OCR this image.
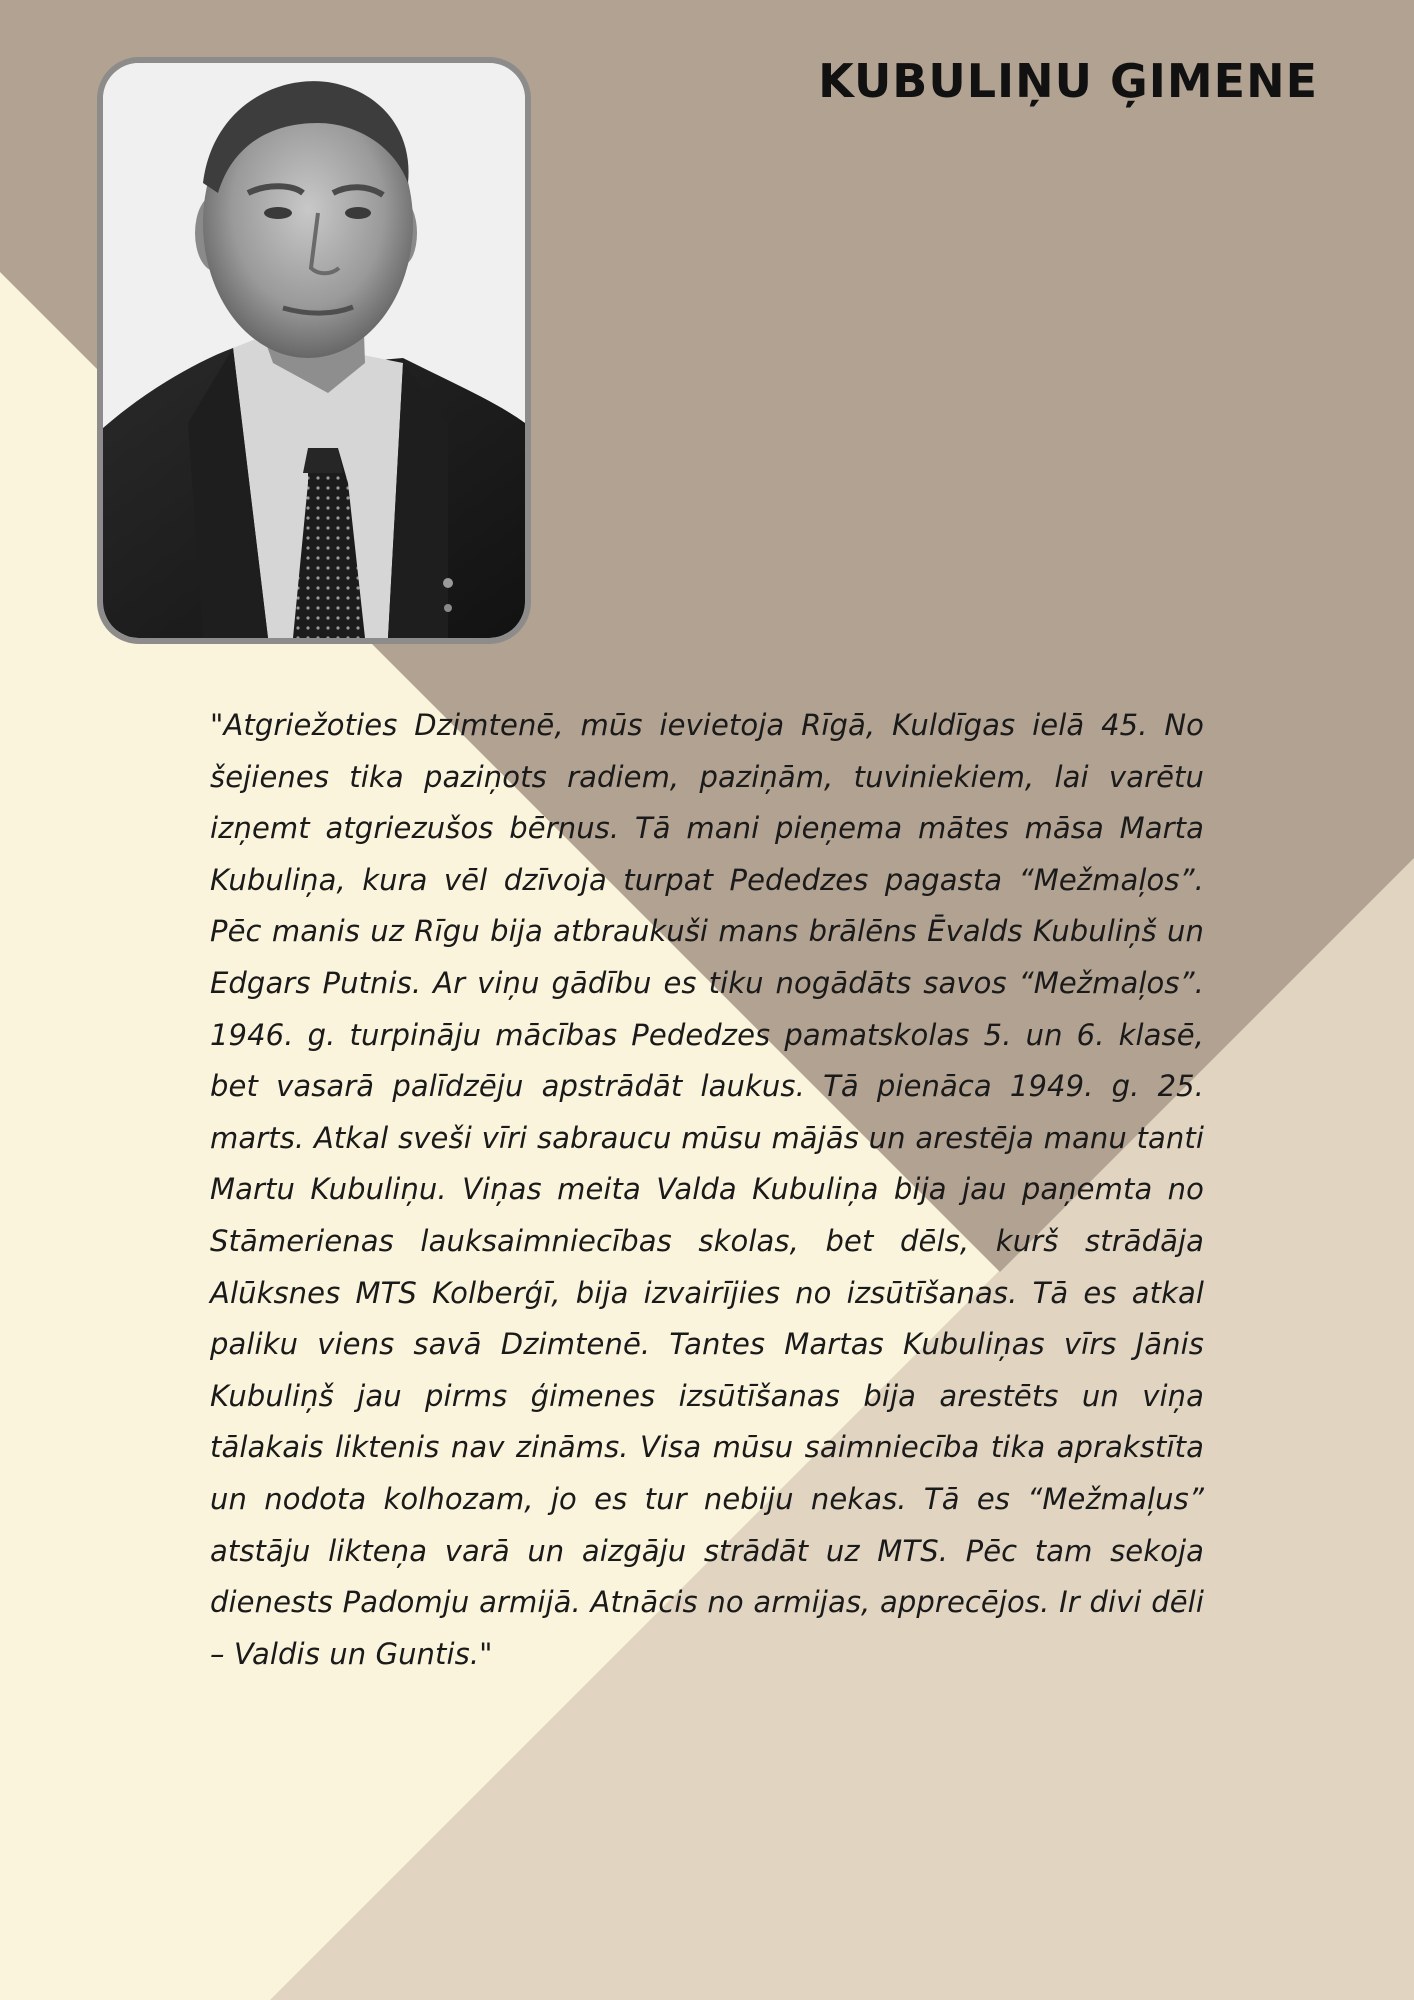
KUBULIŅU ĢIMENE

"Atgriežoties Dzimtenē, mūs ievietoja Rīgā, Kuldīgas ielā 45. No šejienes tika paziņots radiem, paziņām, tuviniekiem, lai varētu izņemt atgriezušos bērnus. Tā mani pieņema mātes māsa Marta Kubuliņa, kura vēl dzīvoja turpat Pededzes pagasta “Mežmaļos”. Pēc manis uz Rīgu bija atbraukuši mans brālēns Ēvalds Kubuliņš un Edgars Putnis. Ar viņu gādību es tiku nogādāts savos “Mežmaļos”. 1946. g. turpināju mācības Pededzes pamatskolas 5. un 6. klasē, bet vasarā palīdzēju apstrādāt laukus. Tā pienāca 1949. g. 25. marts. Atkal sveši vīri sabraucu mūsu mājās un arestēja manu tanti Martu Kubuliņu. Viņas meita Valda Kubuliņa bija jau paņemta no Stāmerienas lauksaimniecības skolas, bet dēls, kurš strādāja Alūksnes MTS Kolberģī, bija izvairījies no izsūtīšanas. Tā es atkal paliku viens savā Dzimtenē. Tantes Martas Kubuliņas vīrs Jānis Kubuliņš jau pirms ģimenes izsūtīšanas bija arestēts un viņa tālakais liktenis nav zināms. Visa mūsu saimniecība tika aprakstīta un nodota kolhozam, jo es tur nebiju nekas. Tā es “Mežmaļus” atstāju likteņa varā un aizgāju strādāt uz MTS. Pēc tam sekoja dienests Padomju armijā. Atnācis no armijas, apprecējos. Ir divi dēli – Valdis un Guntis."
